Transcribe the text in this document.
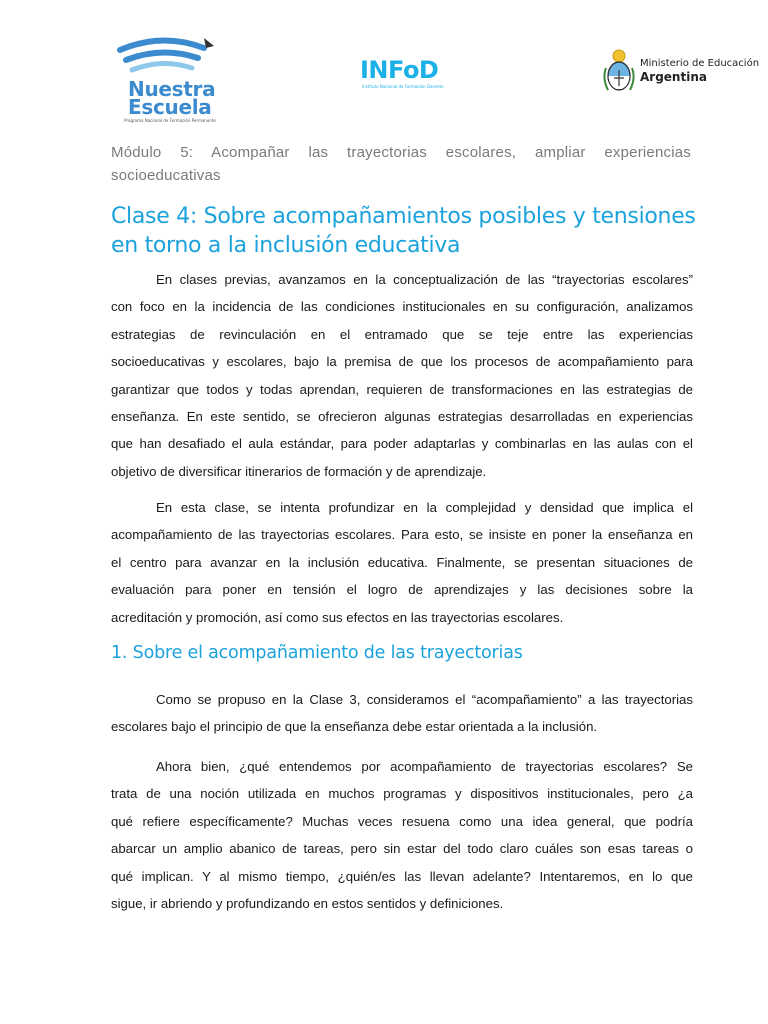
Nuestra
Escuela
Programa Nacional de Formación Permanente
INFoD
Instituto Nacional de Formación Docente
Ministerio de Educación
Argentina
Módulo 5: Acompañar las trayectorias escolares, ampliar experiencias
socioeducativas
Clase 4: Sobre acompañamientos posibles y tensiones
en torno a la inclusión educativa

En clases previas, avanzamos en la conceptualización de las “trayectorias escolares”
con foco en la incidencia de las condiciones institucionales en su configuración, analizamos
estrategias de revinculación en el entramado que se teje entre las experiencias
socioeducativas y escolares, bajo la premisa de que los procesos de acompañamiento para
garantizar que todos y todas aprendan, requieren de transformaciones en las estrategias de
enseñanza. En este sentido, se ofrecieron algunas estrategias desarrolladas en experiencias
que han desafiado el aula estándar, para poder adaptarlas y combinarlas en las aulas con el
objetivo de diversificar itinerarios de formación y de aprendizaje.

En esta clase, se intenta profundizar en la complejidad y densidad que implica el
acompañamiento de las trayectorias escolares. Para esto, se insiste en poner la enseñanza en
el centro para avanzar en la inclusión educativa. Finalmente, se presentan situaciones de
evaluación para poner en tensión el logro de aprendizajes y las decisiones sobre la
acreditación y promoción, así como sus efectos en las trayectorias escolares.

1. Sobre el acompañamiento de las trayectorias

Como se propuso en la Clase 3, consideramos el “acompañamiento” a las trayectorias
escolares bajo el principio de que la enseñanza debe estar orientada a la inclusión.

Ahora bien, ¿qué entendemos por acompañamiento de trayectorias escolares? Se
trata de una noción utilizada en muchos programas y dispositivos institucionales, pero ¿a
qué refiere específicamente? Muchas veces resuena como una idea general, que podría
abarcar un amplio abanico de tareas, pero sin estar del todo claro cuáles son esas tareas o
qué implican. Y al mismo tiempo, ¿quién/es las llevan adelante? Intentaremos, en lo que
sigue, ir abriendo y profundizando en estos sentidos y definiciones.
